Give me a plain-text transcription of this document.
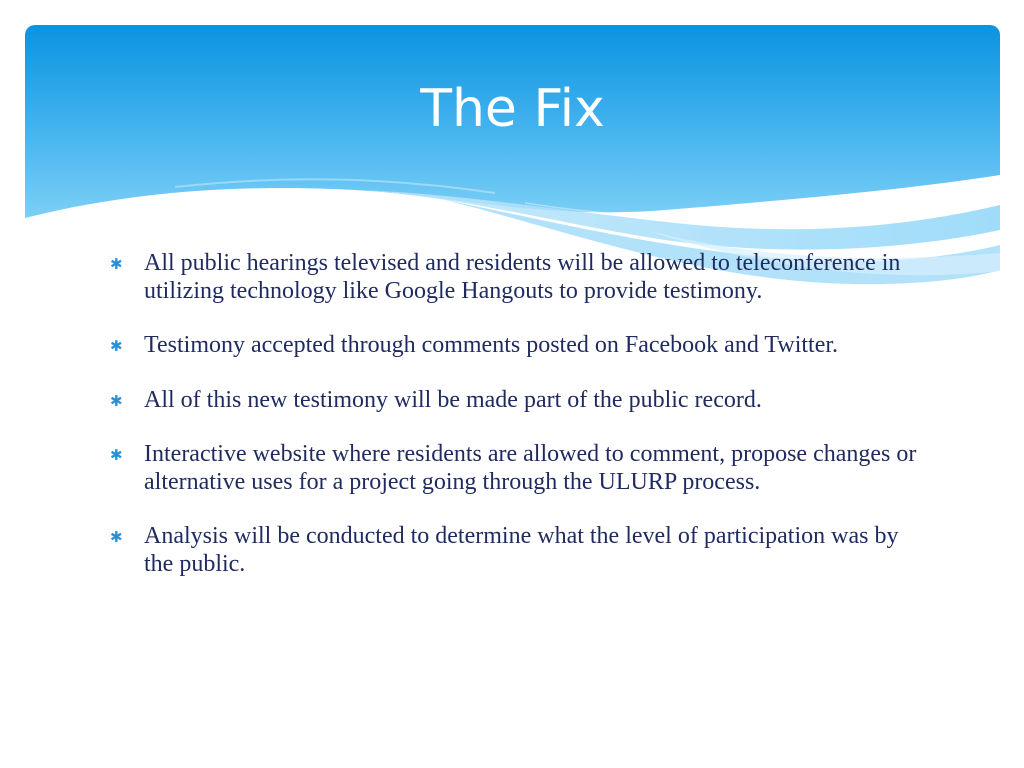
The Fix
✱ All public hearings televised and residents will be allowed to teleconference in utilizing technology like Google Hangouts to provide testimony.
✱ Testimony accepted through comments posted on Facebook and Twitter.
✱ All of this new testimony will be made part of the public record.
✱ Interactive website where residents are allowed to comment, propose changes or alternative uses for a project going through the ULURP process.
✱ Analysis will be conducted to determine what the level of participation was by the public.
